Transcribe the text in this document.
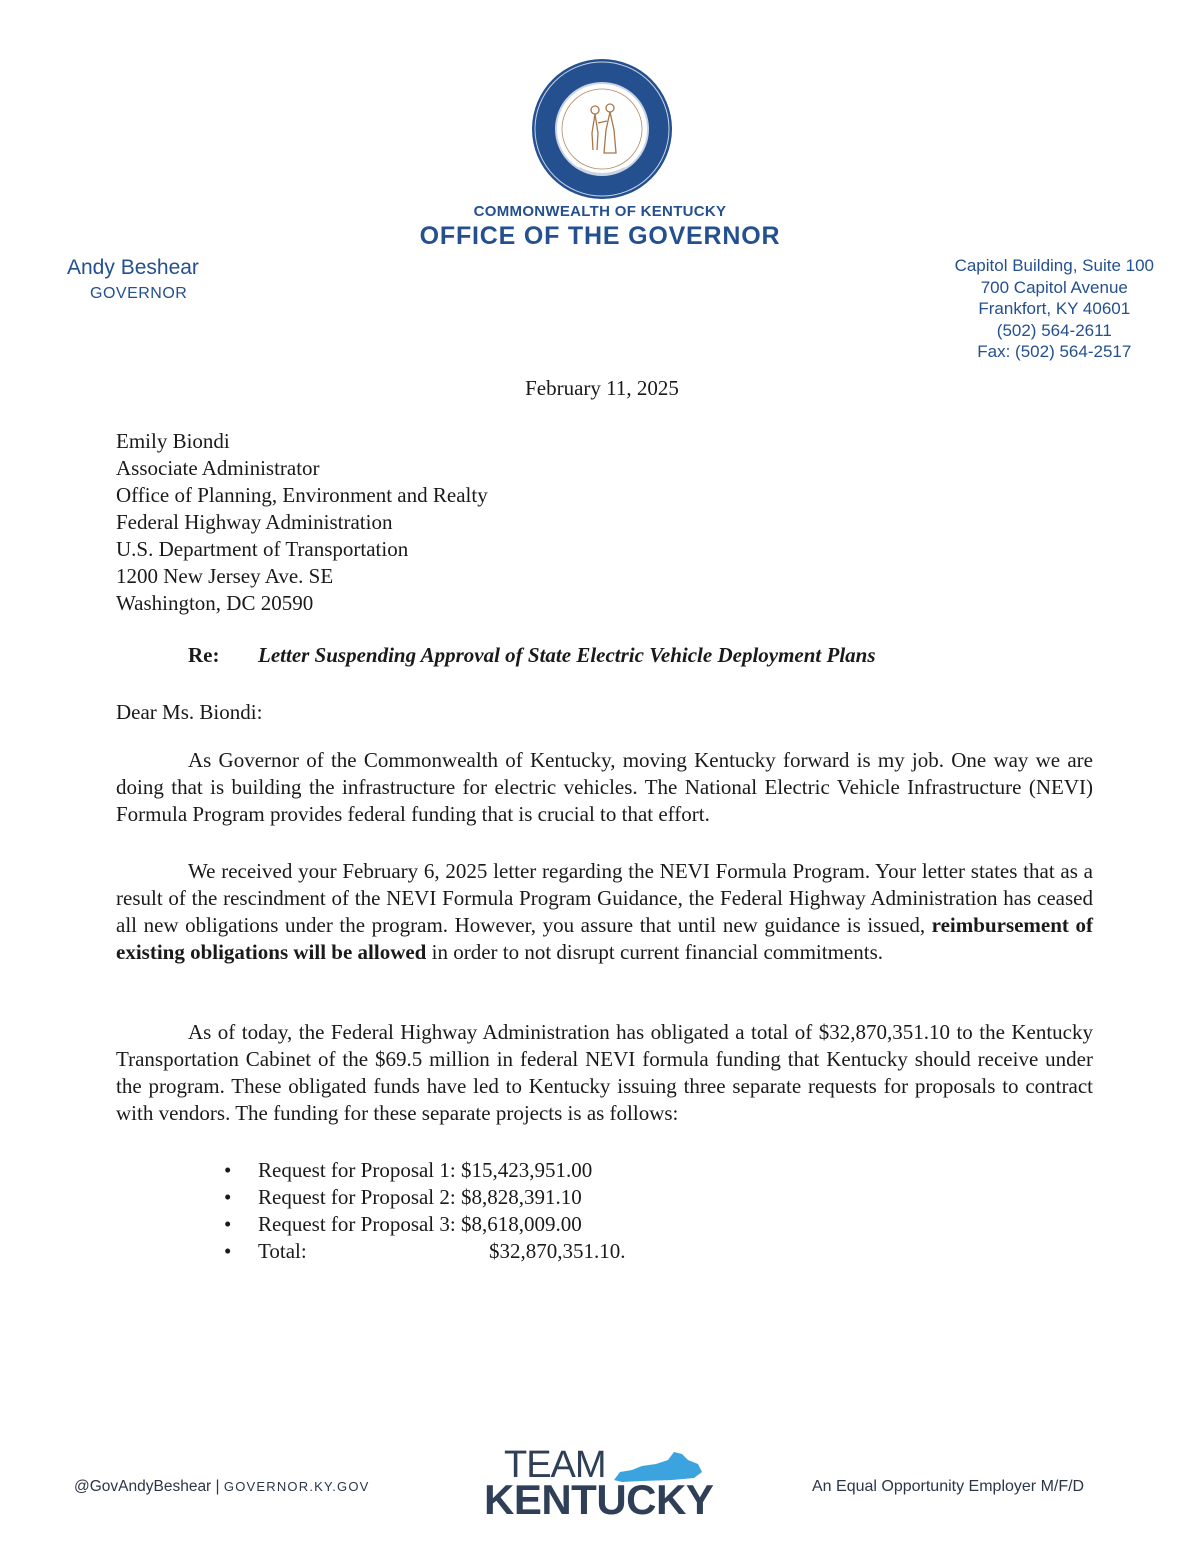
COMMONWEALTH OF KENTUCKY
OFFICE OF THE GOVERNOR
Andy Beshear
GOVERNOR
Capitol Building, Suite 100
700 Capitol Avenue
Frankfort, KY 40601
(502) 564-2611
Fax: (502) 564-2517
February 11, 2025
Emily Biondi
Associate Administrator
Office of Planning, Environment and Realty
Federal Highway Administration
U.S. Department of Transportation
1200 New Jersey Ave. SE
Washington, DC 20590
Re: Letter Suspending Approval of State Electric Vehicle Deployment Plans
Dear Ms. Biondi:
As Governor of the Commonwealth of Kentucky, moving Kentucky forward is my job. One way we are doing that is building the infrastructure for electric vehicles. The National Electric Vehicle Infrastructure (NEVI) Formula Program provides federal funding that is crucial to that effort.
We received your February 6, 2025 letter regarding the NEVI Formula Program. Your letter states that as a result of the rescindment of the NEVI Formula Program Guidance, the Federal Highway Administration has ceased all new obligations under the program. However, you assure that until new guidance is issued, reimbursement of existing obligations will be allowed in order to not disrupt current financial commitments.
As of today, the Federal Highway Administration has obligated a total of $32,870,351.10 to the Kentucky Transportation Cabinet of the $69.5 million in federal NEVI formula funding that Kentucky should receive under the program. These obligated funds have led to Kentucky issuing three separate requests for proposals to contract with vendors. The funding for these separate projects is as follows:
• Request for Proposal 1: $15,423,951.00
• Request for Proposal 2: $8,828,391.10
• Request for Proposal 3: $8,618,009.00
• Total:	$32,870,351.10.
@GovAndyBeshear | GOVERNOR.KY.GOV
TEAM
KENTUCKY	An Equal Opportunity Employer M/F/D
